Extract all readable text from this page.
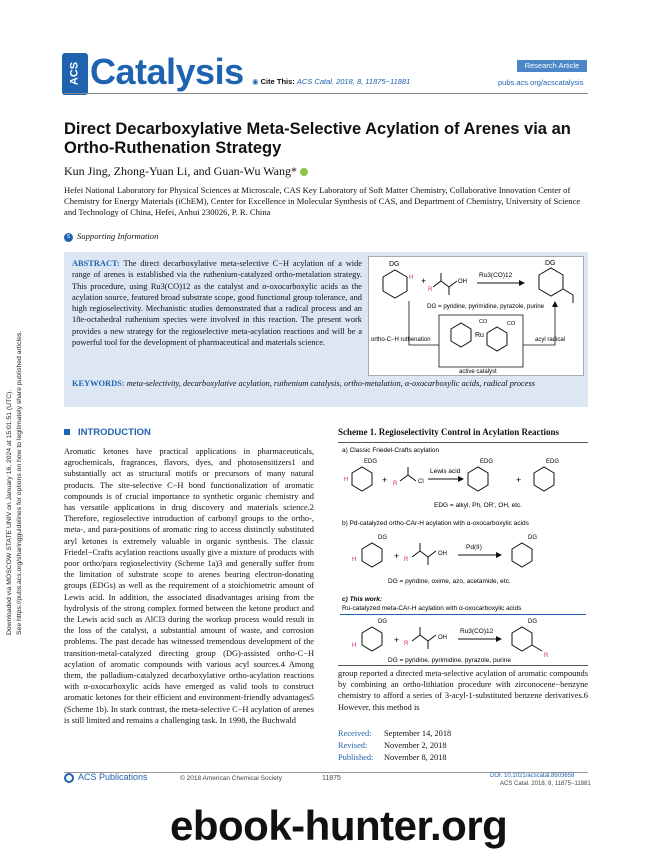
Downloaded via MOSCOW STATE UNIV on January 16, 2024 at 15:01:51 (UTC). See https://pubs.acs.org/sharingguidelines for options on how to legitimately share published articles.
ACS Catalysis ◉ Cite This: ACS Catal. 2018, 8, 11875−11881
Research Article
pubs.acs.org/acscatalysis
Direct Decarboxylative Meta-Selective Acylation of Arenes via an Ortho-Ruthenation Strategy
Kun Jing, Zhong-Yuan Li, and Guan-Wu Wang*
Hefei National Laboratory for Physical Sciences at Microscale, CAS Key Laboratory of Soft Matter Chemistry, Collaborative Innovation Center of Chemistry for Energy Materials (iChEM), Center for Excellence in Molecular Synthesis of CAS, and Department of Chemistry, University of Science and Technology of China, Hefei, Anhui 230026, P. R. China
S Supporting Information
ABSTRACT: The direct decarboxylative meta-selective C−H acylation of a wide range of arenes is established via the ruthenium-catalyzed ortho-metalation strategy. This procedure, using Ru3(CO)12 as the catalyst and α-oxocarboxylic acids as the acylation source, featured broad substrate scope, good functional group tolerance, and high regioselectivity. Mechanistic studies demonstrated that a radical process and an 18e-octahedral ruthenium species were involved in this reaction. The present work provides a new strategy for the regioselective meta-acylation reactions and will be a powerful tool for the development of pharmaceutical and materials science.
DG
H +
R
OH
Ru3(CO)12
DG
DG = pyridine, pyrimidine, pyrazole, purine
Ru
CO	CO
ortho-C−H ruthenation	acyl radical
active catalyst
KEYWORDS: meta-selectivity, decarboxylative acylation, ruthenium catalysis, ortho-metalation, α-oxocarboxylic acids, radical process
INTRODUCTION
Aromatic ketones have practical applications in pharmaceuticals, agrochemicals, fragrances, flavors, dyes, and photosensitizers1 and substantially act as structural motifs or precursors of many natural products. The site-selective C−H bond functionalization of aromatic compounds is of crucial importance to synthetic organic chemistry and has versatile applications in drug discovery and materials science.2 Therefore, regioselective introduction of carbonyl groups to the ortho-, meta-, and para-positions of aromatic ring to access distinctly substituted aryl ketones is extremely valuable in organic synthesis. The classic Friedel−Crafts acylation reactions usually give a mixture of products with poor ortho/para regioselectivity (Scheme 1a)3 and generally suffer from the limitation of substrate scope to arenes bearing electron-donating groups (EDGs) as well as the requirement of a stoichiometric amount of Lewis acid. In addition, the associated disadvantages arising from the hydrolysis of the strong complex formed between the ketone product and the Lewis acid such as AlCl3 during the workup process would result in the loss of the catalyst, a substantial amount of waste, and corrosion problems. The past decade has witnessed tremendous development of the transition-metal-catalyzed directing group (DG)-assisted ortho-C−H acylation of aromatic compounds with various acyl sources.4 Among them, the palladium-catalyzed decarboxylative ortho-acylation reactions with α-oxocarboxylic acids have emerged as valid tools to construct aromatic ketones for their efficient and environment-friendly advantages5 (Scheme 1b). In stark contrast, the meta-selective C−H acylation of arenes is still limited and remains a challenging task. In 1998, the Buchwald
Scheme 1. Regioselectivity Control in Acylation Reactions
a) Classic Friedel-Crafts acylation
EDG
H	+ R	Cl
Lewis acid
EDG
+
EDG
EDG = alkyl, Ph, OR', OH, etc.
b) Pd-catalyzed ortho-CAr-H acylation with α-oxocarboxylic acids
DG
H	+ R
OH
Pd(II)
DG
DG = pyridine, oxime, azo, acetamide, etc.
c) This work:
Ru-catalyzed meta-CAr-H acylation with α-oxocarboxylic acids
DG
H
+ R
OH
Ru3(CO)12
DG
R
DG = pyridine, pyrimidine, pyrazole, purine
group reported a directed meta-selective acylation of aromatic compounds by combining an ortho-lithiation procedure with zirconocene−benzyne chemistry to afford a series of 3-acyl-1-substituted benzene derivatives.6 However, this method is
Received: September 14, 2018
Revised: November 2, 2018
Published: November 8, 2018
ACS Publications	© 2018 American Chemical Society	11875	DOI: 10.1021/acscatal.8b03658
ACS Catal. 2018, 8, 11875−11881
ebook-hunter.org
